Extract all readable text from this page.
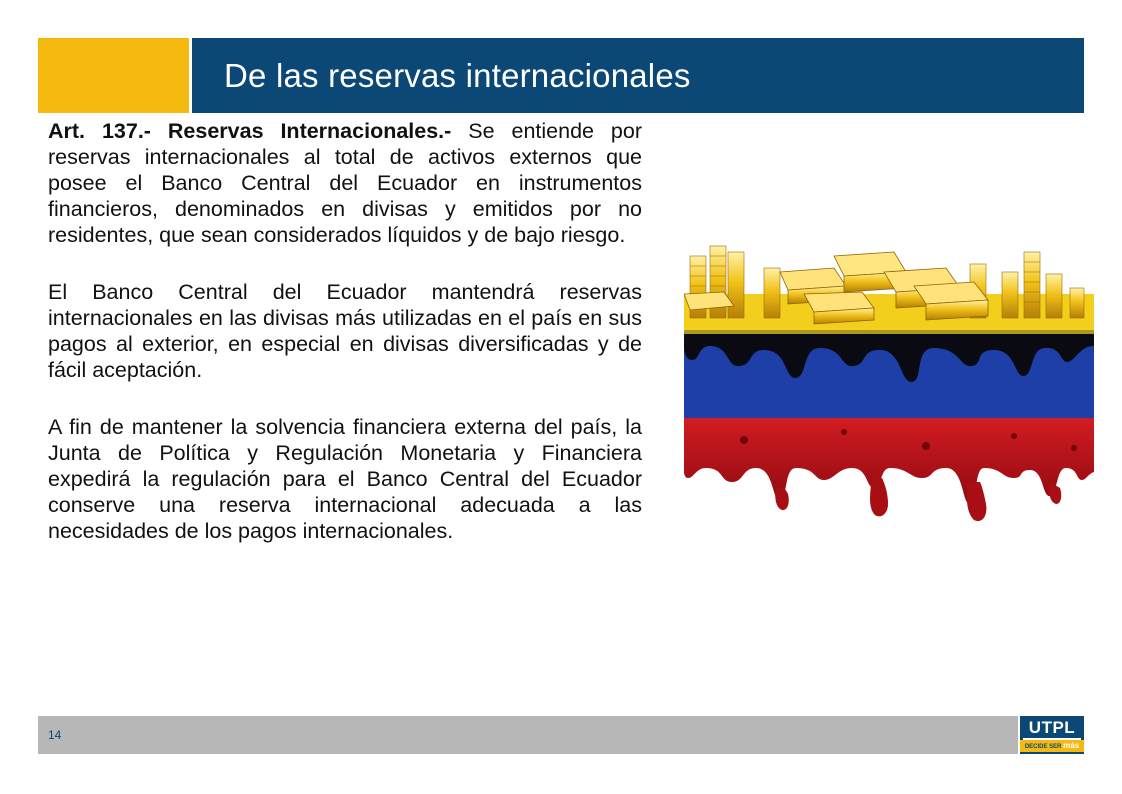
De las reservas internacionales

Art. 137.- Reservas Internacionales.- Se entiende por reservas internacionales al total de activos externos que posee el Banco Central del Ecuador en instrumentos financieros, denominados en divisas y emitidos por no residentes, que sean considerados líquidos y de bajo riesgo.

El Banco Central del Ecuador mantendrá reservas internacionales en las divisas más utilizadas en el país en sus pagos al exterior, en especial en divisas diversificadas y de fácil aceptación.

A fin de mantener la solvencia financiera externa del país, la Junta de Política y Regulación Monetaria y Financiera expedirá la regulación para el Banco Central del Ecuador conserve una reserva internacional adecuada a las necesidades de los pagos internacionales.

14	UTPL
DECIDE SER más
